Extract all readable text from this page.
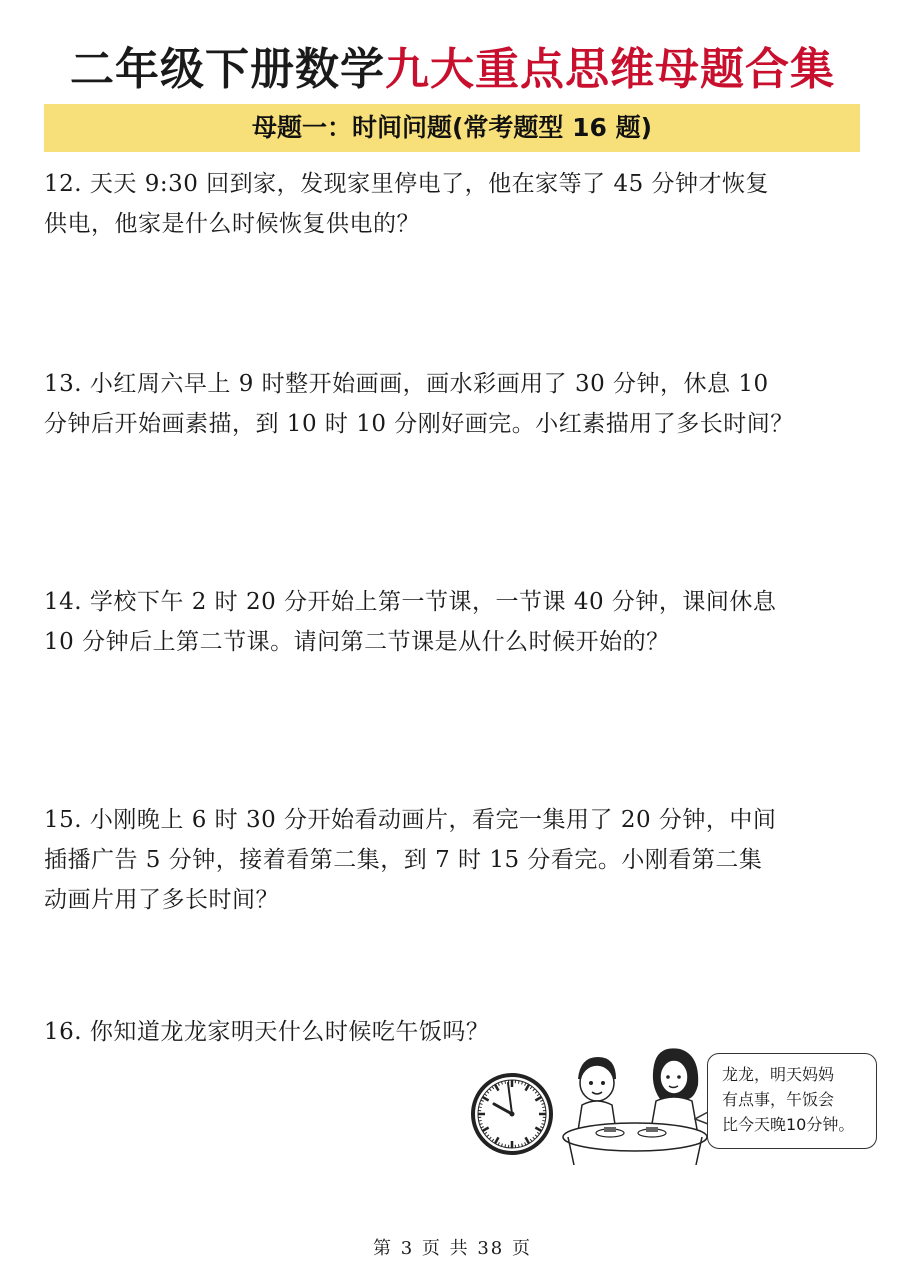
二年级下册数学九大重点思维母题合集
母题一：时间问题(常考题型 16 题)

12. 天天 9:30 回到家，发现家里停电了，他在家等了 45 分钟才恢复

供电，他家是什么时候恢复供电的？

13. 小红周六早上 9 时整开始画画，画水彩画用了 30 分钟，休息 10

分钟后开始画素描，到 10 时 10 分刚好画完。小红素描用了多长时间？

14. 学校下午 2 时 20 分开始上第一节课，一节课 40 分钟，课间休息

10 分钟后上第二节课。请问第二节课是从什么时候开始的？

15. 小刚晚上 6 时 30 分开始看动画片，看完一集用了 20 分钟，中间

插播广告 5 分钟，接着看第二集，到 7 时 15 分看完。小刚看第二集

动画片用了多长时间？

16. 你知道龙龙家明天什么时候吃午饭吗？

龙龙，明天妈妈

有点事，午饭会

比今天晚10分钟。

第 3 页 共 38 页
